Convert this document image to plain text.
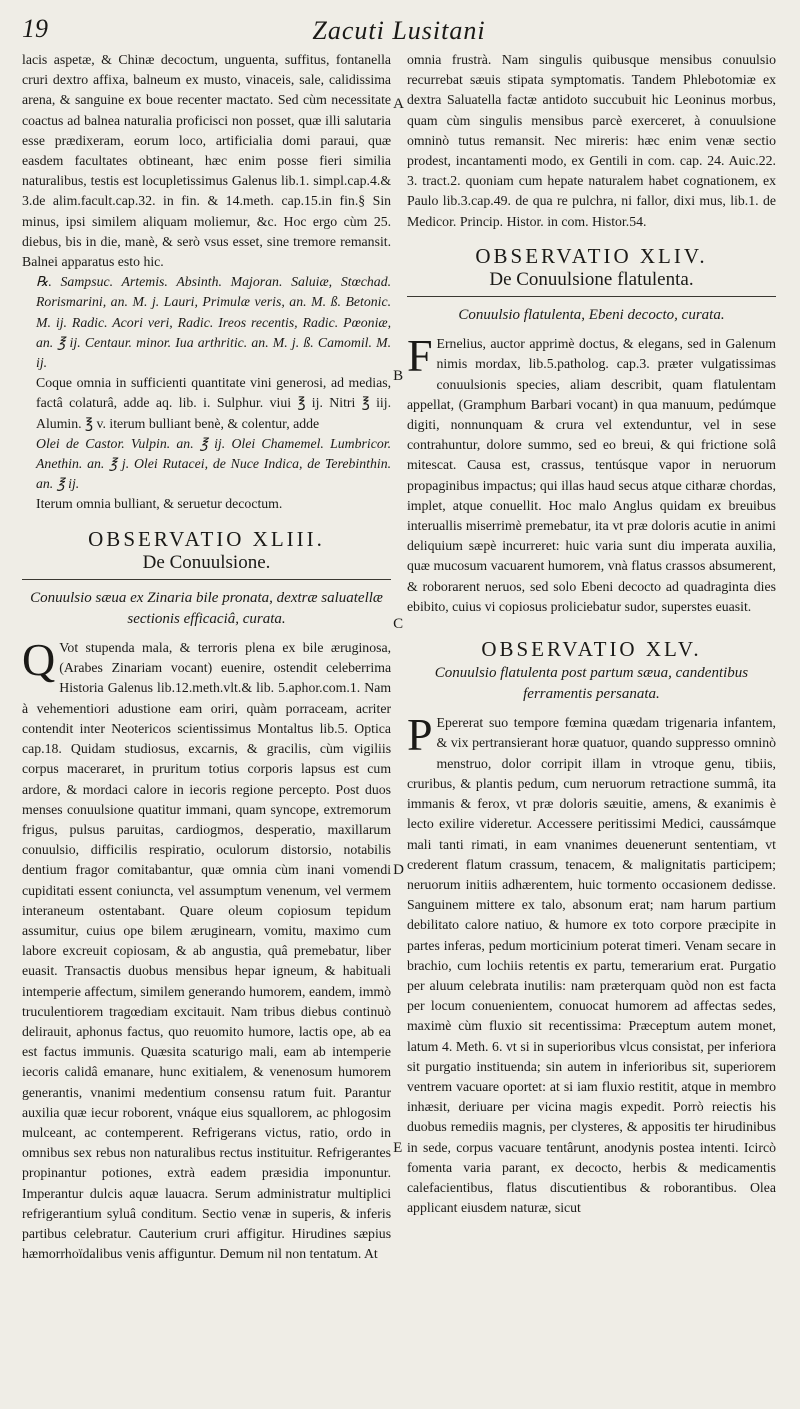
19	Zacuti Lusitani

lacis aspetæ, & Chinæ decoctum, unguenta, suffitus, fontanella cruri dextro affixa, balneum ex musto, vinaceis, sale, calidissima arena, & sanguine ex boue recenter mactato. Sed cùm necessitate coactus ad balnea naturalia proficisci non posset, quæ illi salutaria esse prædixeram, eorum loco, artificialia domi paraui, quæ easdem facultates obtineant, hæc enim posse fieri similia naturalibus, testis est locupletissimus Galenus lib.1. simpl.cap.4.& 3.de alim.facult.cap.32. in fin. & 14.meth. cap.15.in fin.§ Sin minus, ipsi similem aliquam moliemur, &c. Hoc ergo cùm 25. diebus, bis in die, manè, & serò vsus esset, sine tremore remansit. Balnei apparatus esto hic.

℞. Sampsuc. Artemis. Absinth. Majoran. Saluiæ, Stœchad. Rorismarini, an. M. j. Lauri, Primulæ veris, an. M. ß. Betonic. M. ij. Radic. Acori veri, Radic. Ireos recentis, Radic. Pœoniæ, an. ℥ ij. Centaur. minor. Iua arthritic. an. M. j. ß. Camomil. M. ij.

Coque omnia in sufficienti quantitate vini generosi, ad medias, factâ colaturâ, adde aq. lib. i. Sulphur. viui ℥ ij. Nitri ℥ iij. Alumin. ℥ v. iterum bulliant benè, & colentur, adde

Olei de Castor. Vulpin. an. ℥ ij. Olei Chamemel. Lumbricor. Anethin. an. ℥ j. Olei Rutacei, de Nuce Indica, de Terebinthin. an. ℥ ij.

Iterum omnia bulliant, & seruetur decoctum.

OBSERVATIO XLIII.
De Conuulsione.
Conuulsio sæua ex Zinaria bile pronata, dextræ saluatellæ sectionis efficaciâ, curata.

Q Vot stupenda mala, & terroris plena ex bile æruginosa, (Arabes Zinariam vocant) euenire, ostendit celeberrima Historia Galenus lib.12.meth.vlt.& lib. 5.aphor.com.1. Nam à vehementiori adustione eam oriri, quàm porraceam, acriter contendit inter Neotericos scientissimus Montaltus lib.5. Optica cap.18. Quidam studiosus, excarnis, & gracilis, cùm vigiliis corpus maceraret, in pruritum totius corporis lapsus est cum ardore, & mordaci calore in iecoris regione percepto. Post duos menses conuulsione quatitur immani, quam syncope, extremorum frigus, pulsus paruitas, cardiogmos, desperatio, maxillarum conuulsio, difficilis respiratio, oculorum distorsio, notabilis dentium fragor comitabantur, quæ omnia cùm inani vomendi cupiditati essent coniuncta, vel assumptum venenum, vel vermem interaneum ostentabant. Quare oleum copiosum tepidum assumitur, cuius ope bilem æruginearn, vomitu, maximo cum labore excreuit copiosam, & ab angustia, quâ premebatur, liber euasit. Transactis duobus mensibus hepar igneum, & habituali intemperie affectum, similem generando humorem, eandem, immò truculentiorem tragœdiam excitauit. Nam tribus diebus continuò delirauit, aphonus factus, quo reuomito humore, lactis ope, ab ea est factus immunis. Quæsita scaturigo mali, eam ab intemperie iecoris calidâ emanare, hunc exitialem, & venenosum humorem generantis, vnanimi medentium consensu ratum fuit. Parantur auxilia quæ iecur roborent, vnáque eius squallorem, ac phlogosim mulceant, ac contemperent. Refrigerans victus, ratio, ordo in omnibus sex rebus non naturalibus rectus instituitur. Refrigerantes propinantur potiones, extrà eadem præsidia imponuntur. Imperantur dulcis aquæ lauacra. Serum administratur multiplici refrigerantium syluâ conditum. Sectio venæ in superis, & inferis partibus celebratur. Cauterium cruri affigitur. Hirudines sæpius hæmorrhoïdalibus venis affiguntur. Demum nil non tentatum. At

A
B
C
D
E

omnia frustrà. Nam singulis quibusque mensibus conuulsio recurrebat sæuis stipata symptomatis. Tandem Phlebotomiæ ex dextra Saluatella factæ antidoto succubuit hic Leoninus morbus, quam cùm singulis mensibus parcè exerceret, à conuulsione omninò tutus remansit. Nec mireris: hæc enim venæ sectio prodest, incantamenti modo, ex Gentili in com. cap. 24. Auic.22. 3. tract.2. quoniam cum hepate naturalem habet cognationem, ex Paulo lib.3.cap.49. de qua re pulchra, ni fallor, dixi mus, lib.1. de Medicor. Princip. Histor. in com. Histor.54.

OBSERVATIO XLIV.
De Conuulsione flatulenta.
Conuulsio flatulenta, Ebeni decocto, curata.

F Ernelius, auctor apprimè doctus, & elegans, sed in Galenum nimis mordax, lib.5.patholog. cap.3. præter vulgatissimas conuulsionis species, aliam describit, quam flatulentam appellat, (Gramphum Barbari vocant) in qua manuum, pedúmque digiti, nonnunquam & crura vel extenduntur, vel in sese contrahuntur, dolore summo, sed eo breui, & qui frictione solâ mitescat. Causa est, crassus, tentúsque vapor in neruorum propaginibus impactus; qui illas haud secus atque citharæ chordas, implet, atque conuellit. Hoc malo Anglus quidam ex breuibus interuallis miserrimè premebatur, ita vt præ doloris acutie in animi deliquium sæpè incurreret: huic varia sunt diu imperata auxilia, quæ mucosum vacuarent humorem, vnà flatus crassos absumerent, & roborarent neruos, sed solo Ebeni decocto ad quadraginta dies ebibito, cuius vi copiosus proliciebatur sudor, superstes euasit.

OBSERVATIO XLV.
Conuulsio flatulenta post partum sæua, candentibus ferramentis persanata.

P Epererat suo tempore fœmina quædam trigenaria infantem, & vix pertransierant horæ quatuor, quando suppresso omninò menstruo, dolor corripit illam in vtroque genu, tibiis, cruribus, & plantis pedum, cum neruorum retractione summâ, ita immanis & ferox, vt præ doloris sæuitie, amens, & exanimis è lecto exilire videretur. Accessere peritissimi Medici, caussámque mali tanti rimati, in eam vnanimes deuenerunt sententiam, vt crederent flatum crassum, tenacem, & malignitatis participem; neruorum initiis adhærentem, huic tormento occasionem dedisse. Sanguinem mittere ex talo, absonum erat; nam harum partium debilitato calore natiuo, & humore ex toto corpore præcipite in partes inferas, pedum morticinium poterat timeri. Venam secare in brachio, cum lochiis retentis ex partu, temerarium erat. Purgatio per aluum celebrata inutilis: nam præterquam quòd non est facta per locum conuenientem, conuocat humorem ad affectas sedes, maximè cùm fluxio sit recentissima: Præceptum autem monet, latum 4. Meth. 6. vt si in superioribus vlcus consistat, per inferiora sit purgatio instituenda; sin autem in inferioribus sit, superiorem ventrem vacuare oportet: at si iam fluxio restitit, atque in membro inhæsit, deriuare per vicina magis expedit. Porrò reiectis his duobus remediis magnis, per clysteres, & appositis ter hirudinibus in sede, corpus vacuare tentârunt, anodynis postea intenti. Icircò fomenta varia parant, ex decocto, herbis & medicamentis calefacientibus, flatus discutientibus & roborantibus. Olea applicant eiusdem naturæ, sicut
